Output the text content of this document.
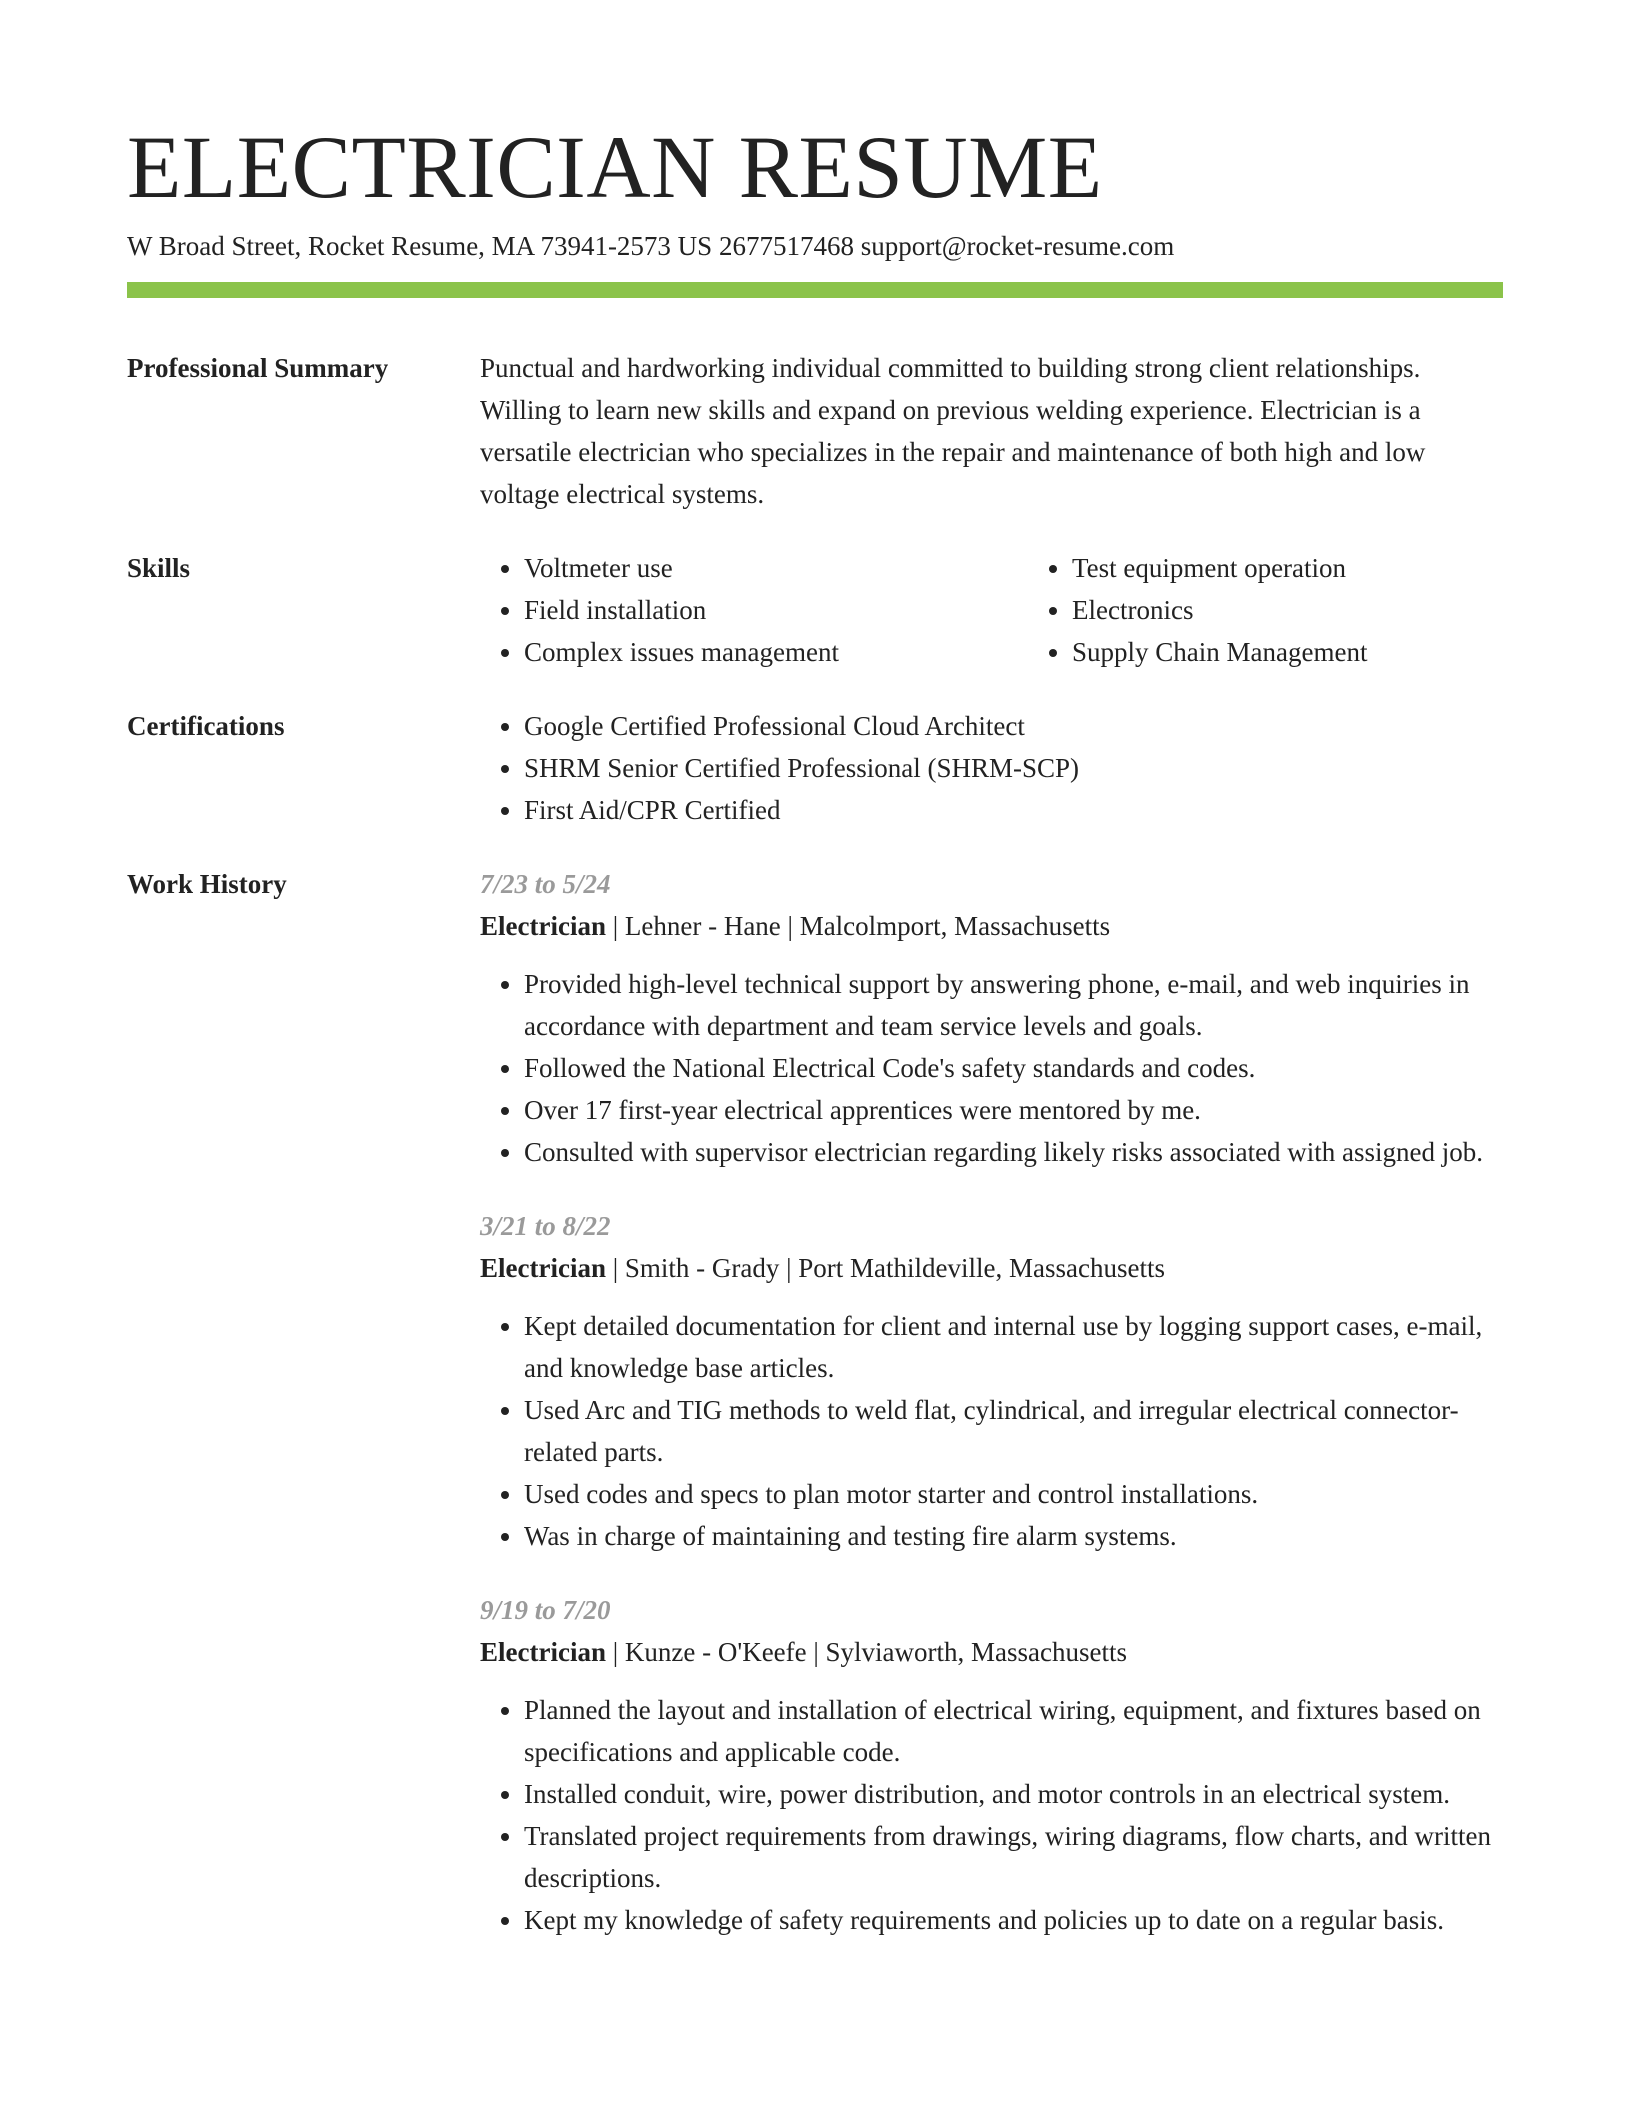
ELECTRICIAN RESUME
W Broad Street, Rocket Resume, MA 73941-2573 US 2677517468 support@rocket-resume.com
Professional Summary	Punctual and hardworking individual committed to building strong client relationships. Willing to learn new skills and expand on previous welding experience. Electrician is a versatile electrician who specializes in the repair and maintenance of both high and low voltage electrical systems.
Skills	• Voltmeter use
• Field installation
• Complex issues management
• Test equipment operation
• Electronics
• Supply Chain Management
Certifications	• Google Certified Professional Cloud Architect
• SHRM Senior Certified Professional (SHRM-SCP)
• First Aid/CPR Certified
Work History	7/23 to 5/24
Electrician | Lehner - Hane | Malcolmport, Massachusetts
• Provided high-level technical support by answering phone, e-mail, and web inquiries in accordance with department and team service levels and goals.
• Followed the National Electrical Code's safety standards and codes.
• Over 17 first-year electrical apprentices were mentored by me.
• Consulted with supervisor electrician regarding likely risks associated with assigned job.
3/21 to 8/22
Electrician | Smith - Grady | Port Mathildeville, Massachusetts
• Kept detailed documentation for client and internal use by logging support cases, e-mail, and knowledge base articles.
• Used Arc and TIG methods to weld flat, cylindrical, and irregular electrical connector-related parts.
• Used codes and specs to plan motor starter and control installations.
• Was in charge of maintaining and testing fire alarm systems.
9/19 to 7/20
Electrician | Kunze - O'Keefe | Sylviaworth, Massachusetts
• Planned the layout and installation of electrical wiring, equipment, and fixtures based on specifications and applicable code.
• Installed conduit, wire, power distribution, and motor controls in an electrical system.
• Translated project requirements from drawings, wiring diagrams, flow charts, and written descriptions.
• Kept my knowledge of safety requirements and policies up to date on a regular basis.
